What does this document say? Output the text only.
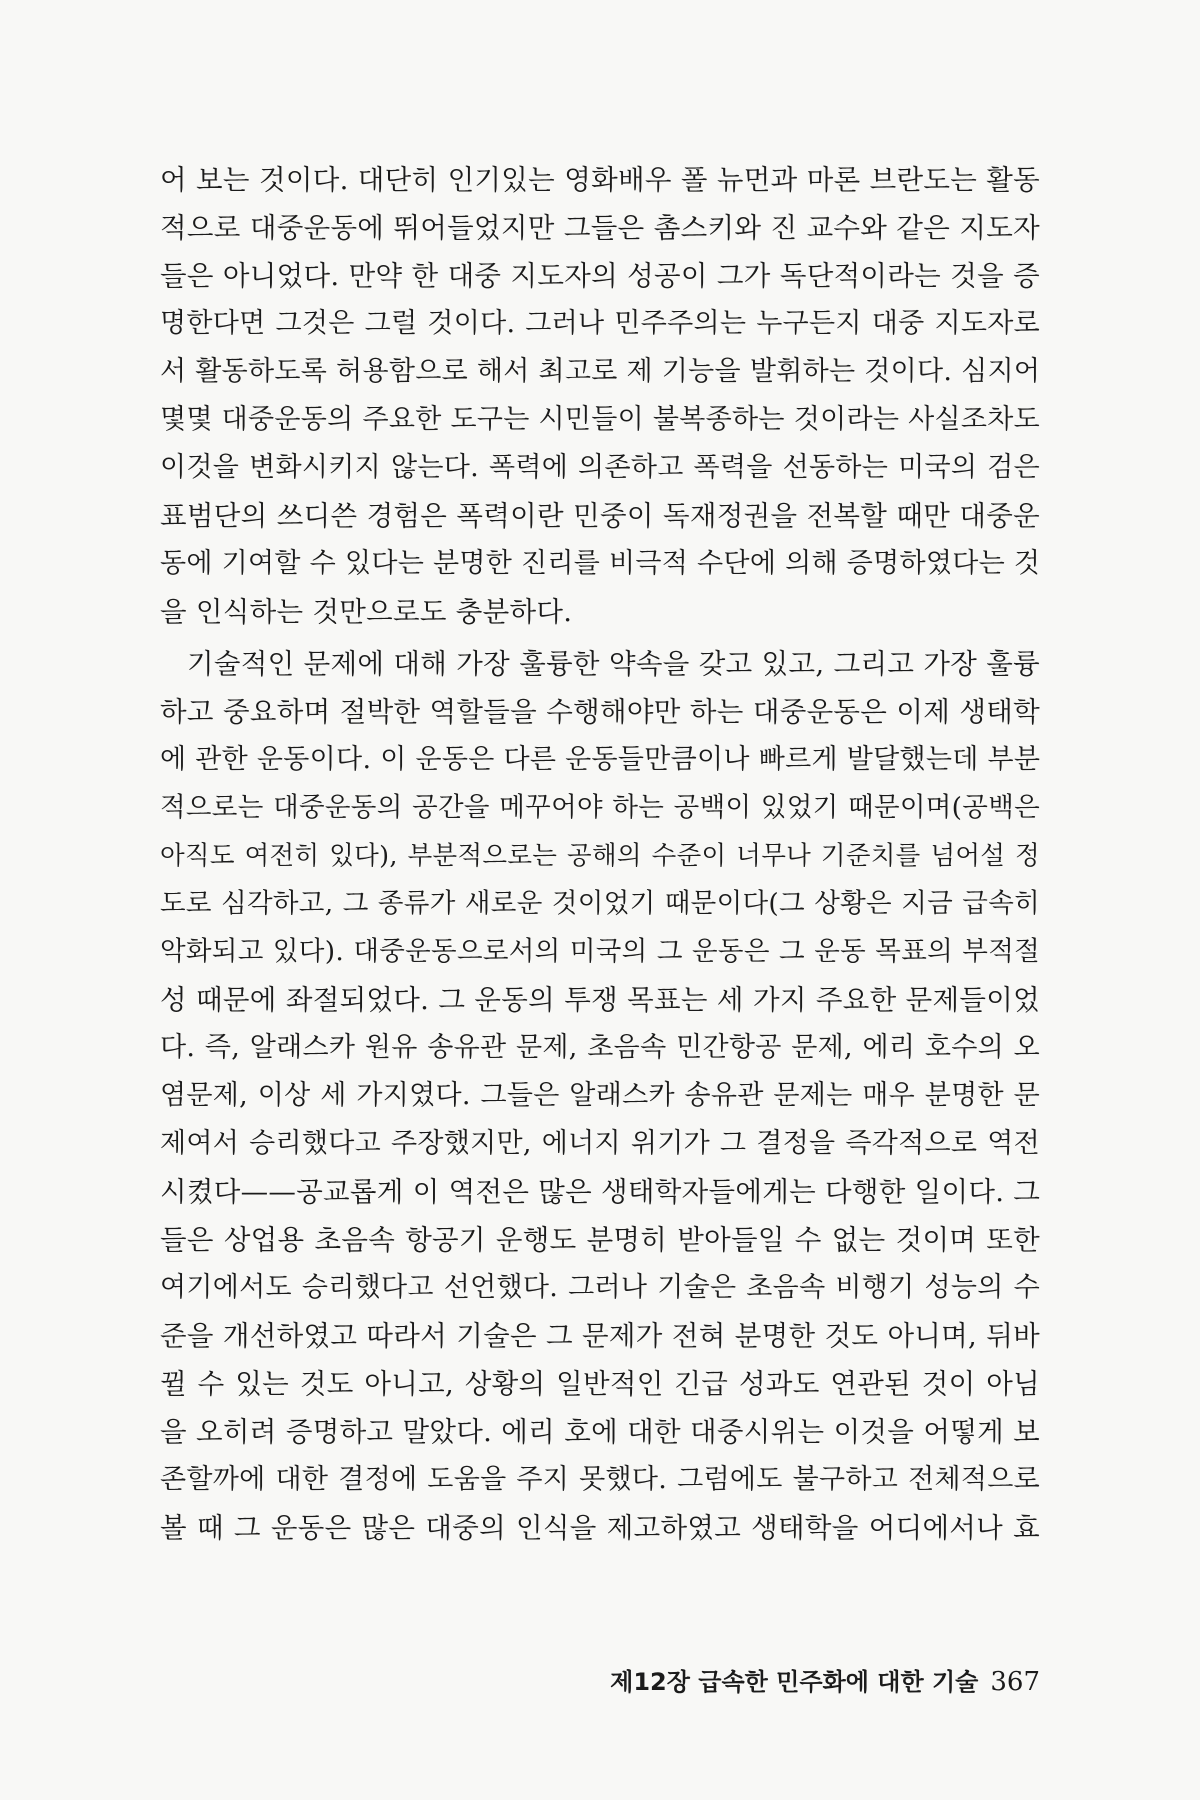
어 보는 것이다. 대단히 인기있는 영화배우 폴 뉴먼과 마론 브란도는 활동
적으로 대중운동에 뛰어들었지만 그들은 촘스키와 진 교수와 같은 지도자
들은 아니었다. 만약 한 대중 지도자의 성공이 그가 독단적이라는 것을 증
명한다면 그것은 그럴 것이다. 그러나 민주주의는 누구든지 대중 지도자로
서 활동하도록 허용함으로 해서 최고로 제 기능을 발휘하는 것이다. 심지어
몇몇 대중운동의 주요한 도구는 시민들이 불복종하는 것이라는 사실조차도
이것을 변화시키지 않는다. 폭력에 의존하고 폭력을 선동하는 미국의 검은
표범단의 쓰디쓴 경험은 폭력이란 민중이 독재정권을 전복할 때만 대중운
동에 기여할 수 있다는 분명한 진리를 비극적 수단에 의해 증명하였다는 것
을 인식하는 것만으로도 충분하다.
기술적인 문제에 대해 가장 훌륭한 약속을 갖고 있고, 그리고 가장 훌륭
하고 중요하며 절박한 역할들을 수행해야만 하는 대중운동은 이제 생태학
에 관한 운동이다. 이 운동은 다른 운동들만큼이나 빠르게 발달했는데 부분
적으로는 대중운동의 공간을 메꾸어야 하는 공백이 있었기 때문이며(공백은
아직도 여전히 있다), 부분적으로는 공해의 수준이 너무나 기준치를 넘어설 정
도로 심각하고, 그 종류가 새로운 것이었기 때문이다(그 상황은 지금 급속히
악화되고 있다). 대중운동으로서의 미국의 그 운동은 그 운동 목표의 부적절
성 때문에 좌절되었다. 그 운동의 투쟁 목표는 세 가지 주요한 문제들이었
다. 즉, 알래스카 원유 송유관 문제, 초음속 민간항공 문제, 에리 호수의 오
염문제, 이상 세 가지였다. 그들은 알래스카 송유관 문제는 매우 분명한 문
제여서 승리했다고 주장했지만, 에너지 위기가 그 결정을 즉각적으로 역전
시켰다——공교롭게 이 역전은 많은 생태학자들에게는 다행한 일이다. 그
들은 상업용 초음속 항공기 운행도 분명히 받아들일 수 없는 것이며 또한
여기에서도 승리했다고 선언했다. 그러나 기술은 초음속 비행기 성능의 수
준을 개선하였고 따라서 기술은 그 문제가 전혀 분명한 것도 아니며, 뒤바
뀔 수 있는 것도 아니고, 상황의 일반적인 긴급 성과도 연관된 것이 아님
을 오히려 증명하고 말았다. 에리 호에 대한 대중시위는 이것을 어떻게 보
존할까에 대한 결정에 도움을 주지 못했다. 그럼에도 불구하고 전체적으로
볼 때 그 운동은 많은 대중의 인식을 제고하였고 생태학을 어디에서나 효
제12장 급속한 민주화에 대한 기술 367
